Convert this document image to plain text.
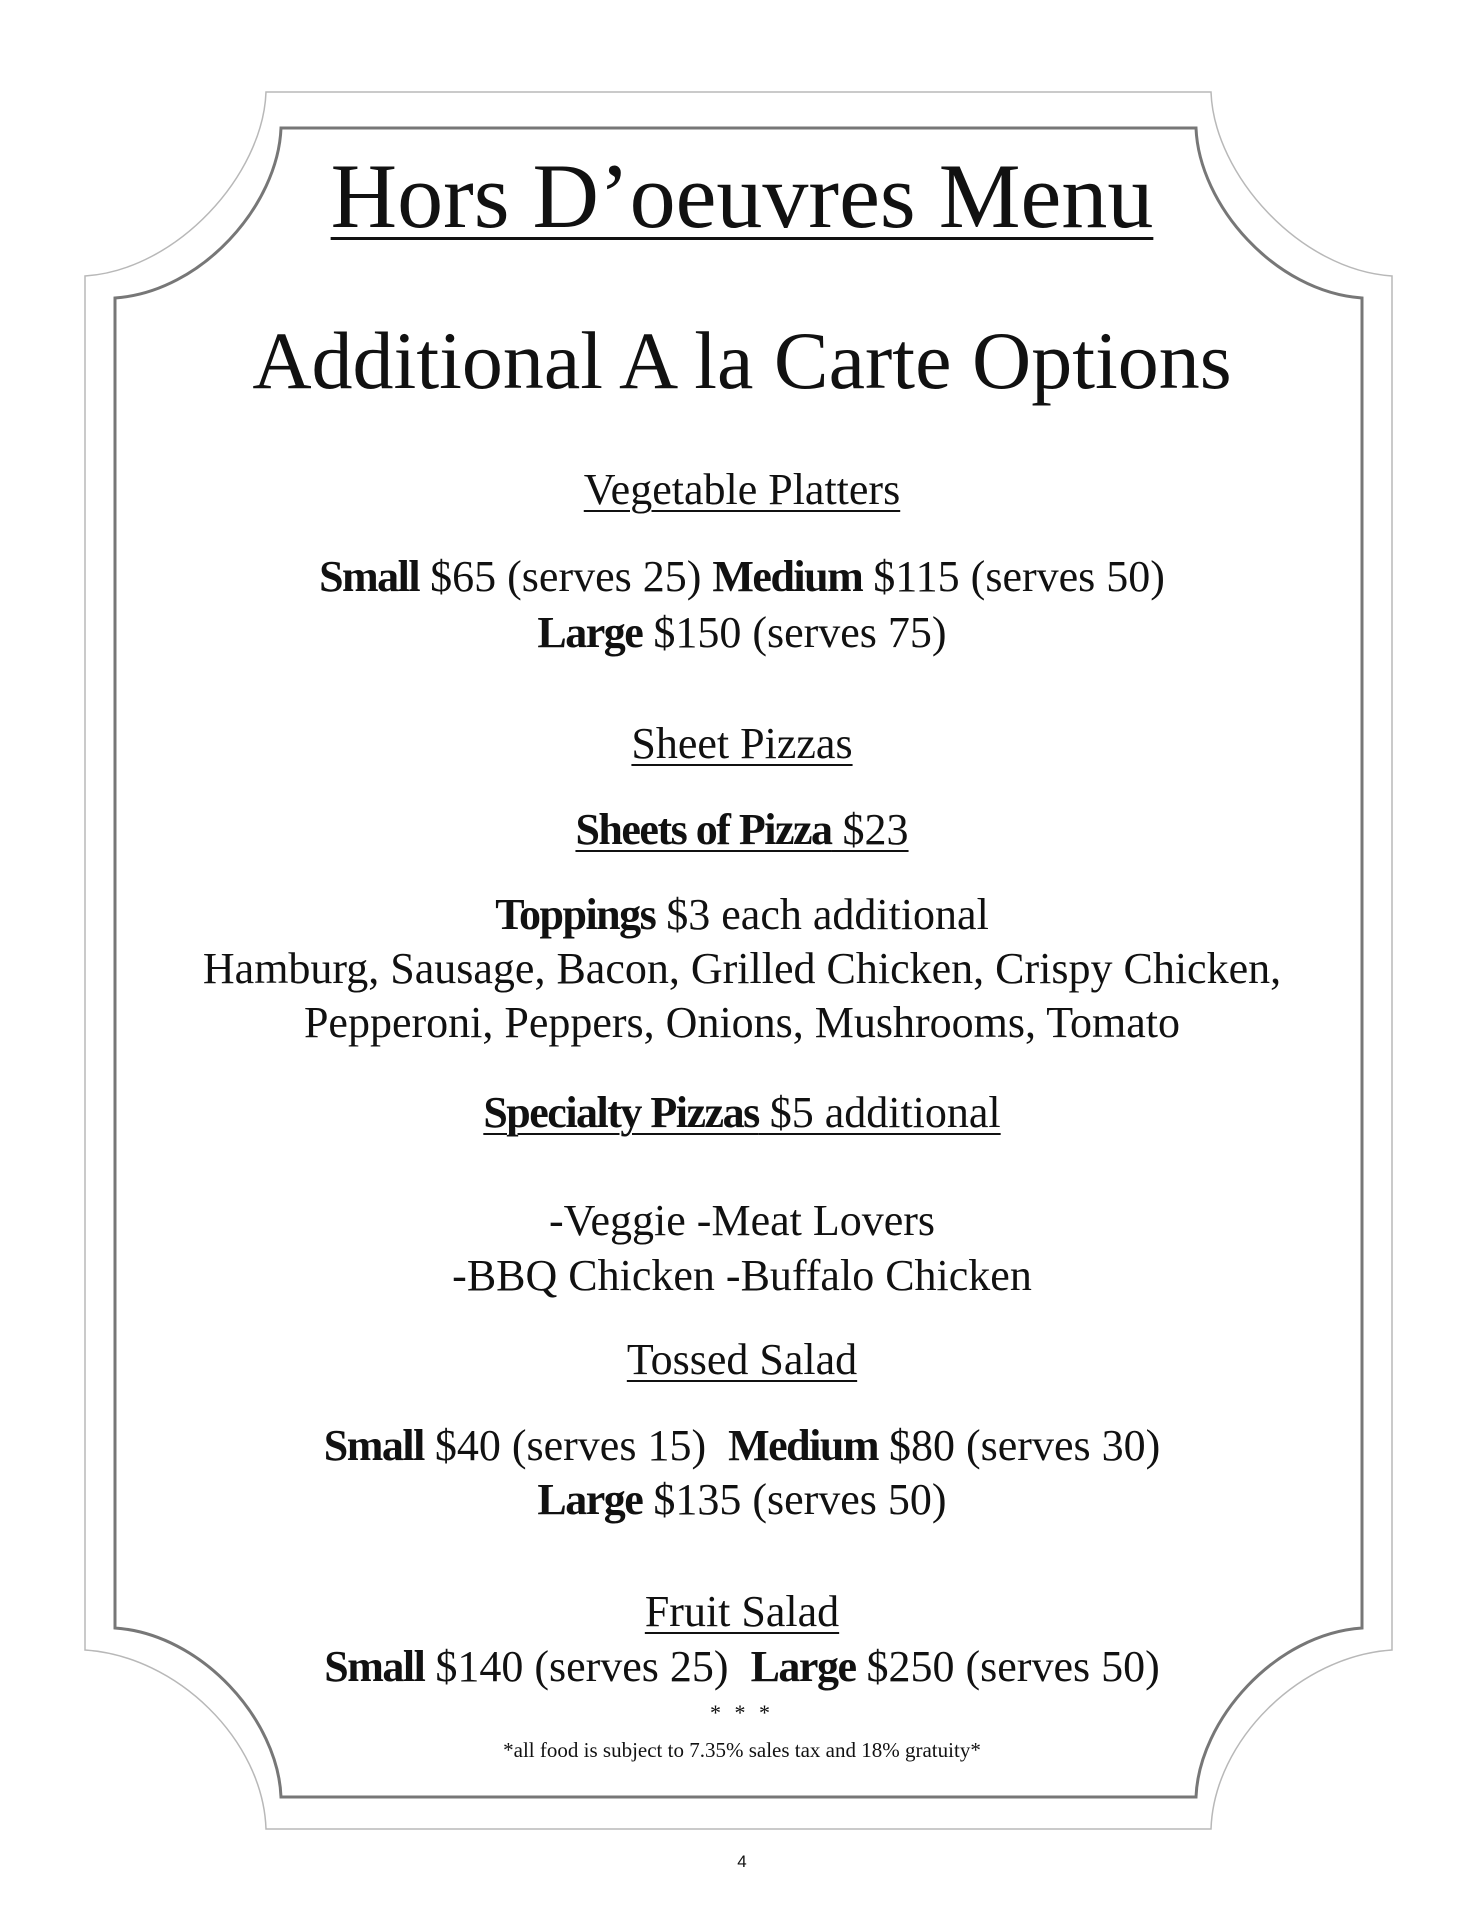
Hors D’oeuvres Menu
Additional A la Carte Options
Vegetable Platters
Small $65 (serves 25) Medium $115 (serves 50)
Large $150 (serves 75)
Sheet Pizzas
Sheets of Pizza $23
Toppings $3 each additional
Hamburg, Sausage, Bacon, Grilled Chicken, Crispy Chicken,
Pepperoni, Peppers, Onions, Mushrooms, Tomato
Specialty Pizzas $5 additional
-Veggie -Meat Lovers
-BBQ Chicken -Buffalo Chicken
Tossed Salad
Small $40 (serves 15)  Medium $80 (serves 30)
Large $135 (serves 50)
Fruit Salad
Small $140 (serves 25)  Large $250 (serves 50)
* * *
*all food is subject to 7.35% sales tax and 18% gratuity*
4
